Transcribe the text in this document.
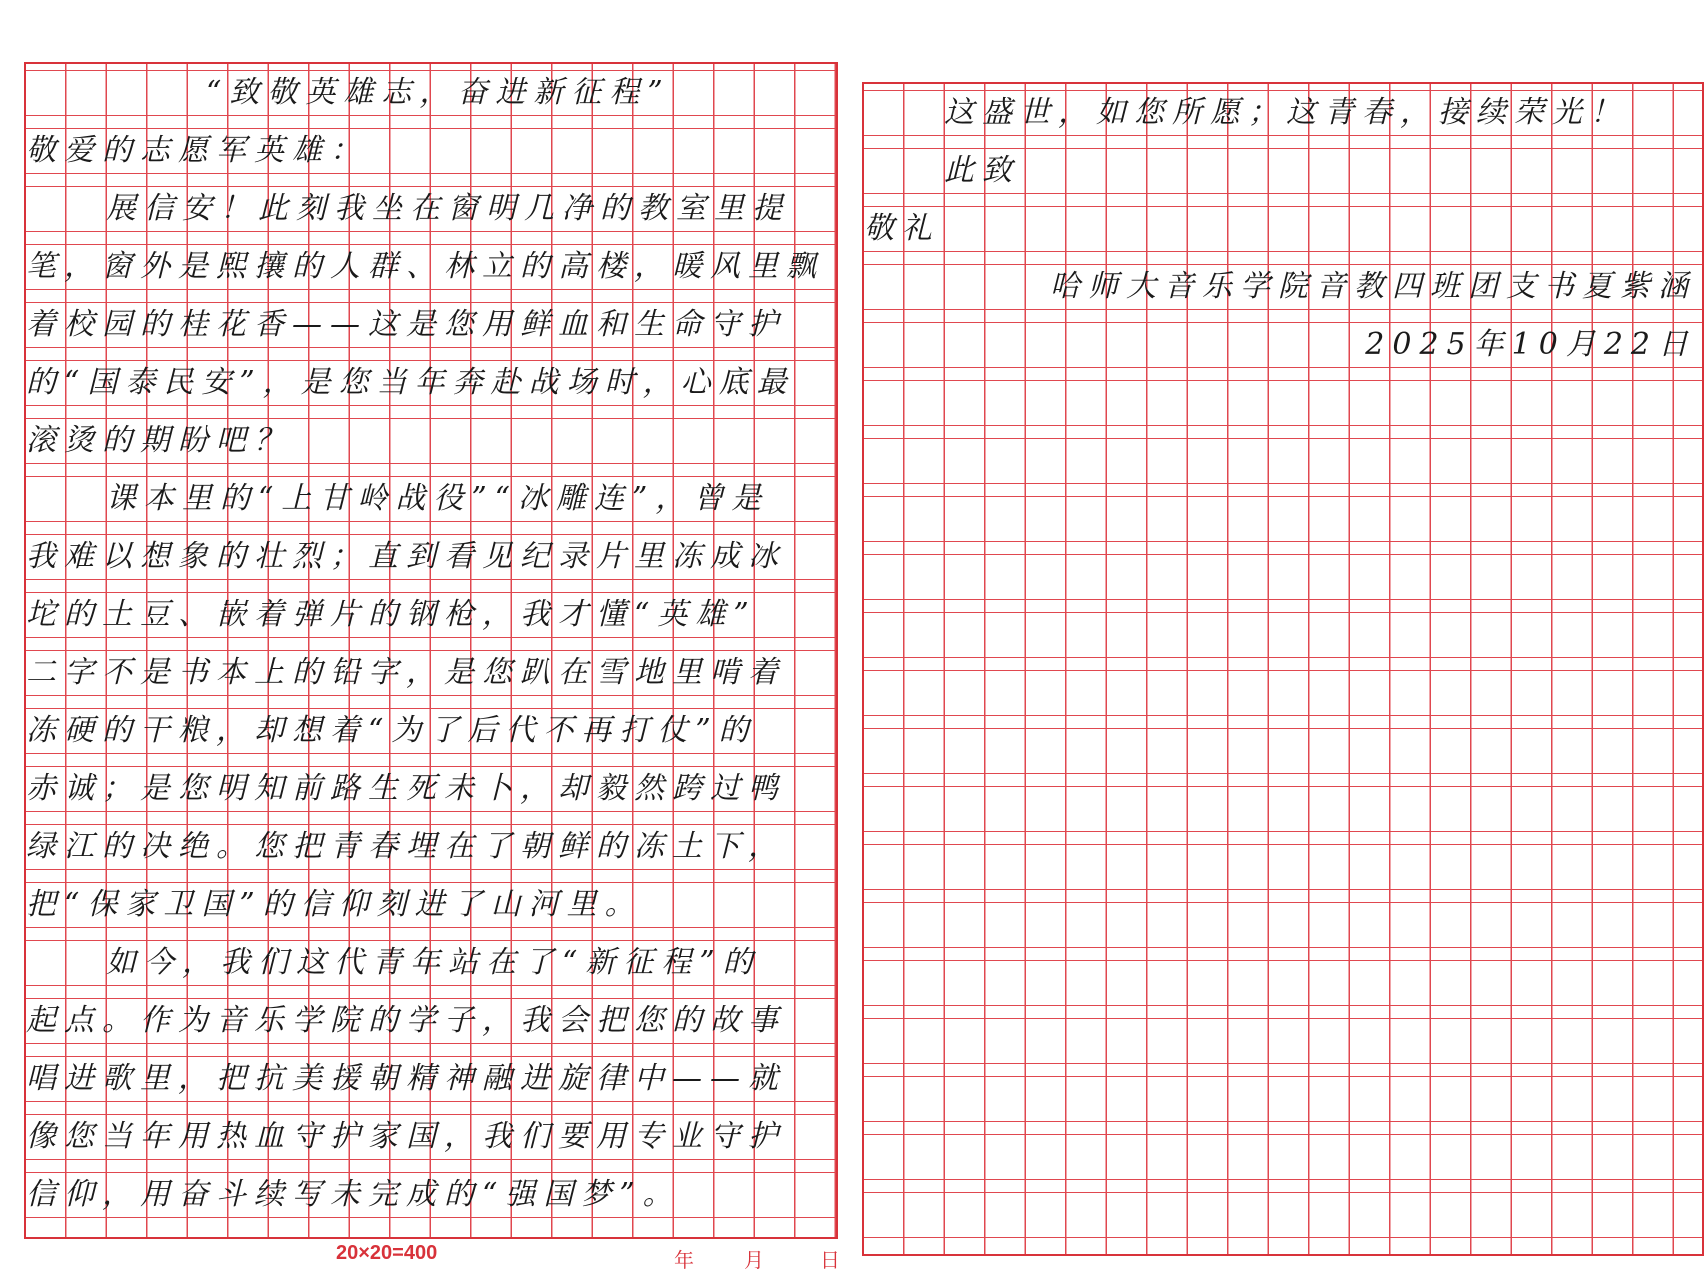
“致敬英雄志，奋进新征程”
敬爱的志愿军英雄：
展信安！此刻我坐在窗明几净的教室里提
笔，窗外是熙攘的人群、林立的高楼，暖风里飘
着校园的桂花香——这是您用鲜血和生命守护
的“国泰民安”，是您当年奔赴战场时，心底最
滚烫的期盼吧？
课本里的“上甘岭战役”“冰雕连”，曾是
我难以想象的壮烈；直到看见纪录片里冻成冰
坨的土豆、嵌着弹片的钢枪，我才懂“英雄”
二字不是书本上的铅字，是您趴在雪地里啃着
冻硬的干粮，却想着“为了后代不再打仗”的
赤诚；是您明知前路生死未卜，却毅然跨过鸭
绿江的决绝。您把青春埋在了朝鲜的冻土下，
把“保家卫国”的信仰刻进了山河里。
如今，我们这代青年站在了“新征程”的
起点。作为音乐学院的学子，我会把您的故事
唱进歌里，把抗美援朝精神融进旋律中——就
像您当年用热血守护家国，我们要用专业守护
信仰，用奋斗续写未完成的“强国梦”。
20×20=400	年	月	日
这盛世，如您所愿；这青春，接续荣光！
此致
敬礼
哈师大音乐学院音教四班团支书夏紫涵
2025年10月22日
